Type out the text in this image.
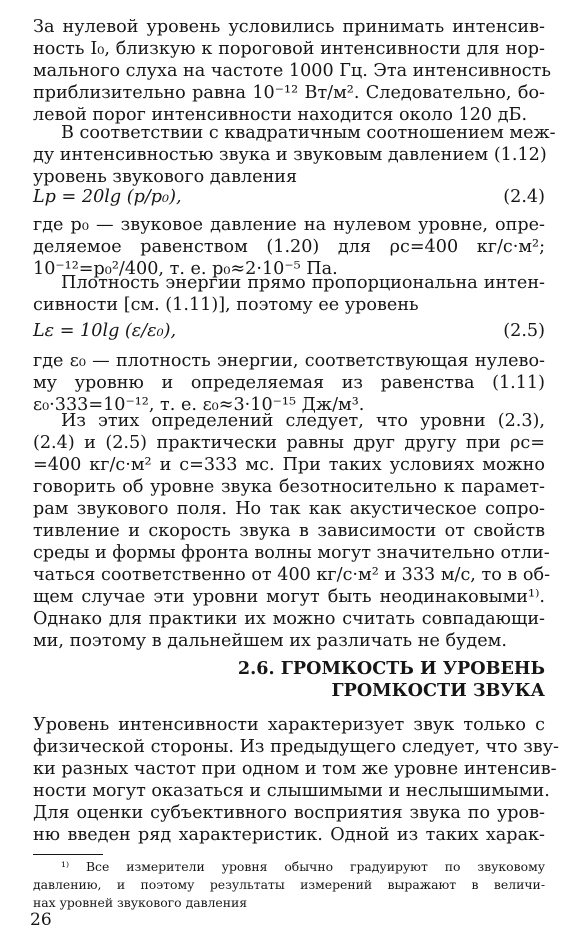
За нулевой уровень условились принимать интенсив-
ность I₀, близкую к пороговой интенсивности для нор-
мального слуха на частоте 1000 Гц. Эта интенсивность
приблизительно равна 10⁻¹² Вт/м². Следовательно, бо-
левой порог интенсивности находится около 120 дБ.
В соответствии с квадратичным соотношением меж-
ду интенсивностью звука и звуковым давлением (1.12)
уровень звукового давления
Lp = 20lg (p/p₀),	(2.4)
где p₀ — звуковое давление на нулевом уровне, опре-
деляемое равенством (1.20) для ρc=400 кг/с·м²;
10⁻¹²=p₀²/400, т. е. p₀≈2·10⁻⁵ Па.
Плотность энергии прямо пропорциональна интен-
сивности [см. (1.11)], поэтому ее уровень
Lε = 10lg (ε/ε₀),	(2.5)
где ε₀ — плотность энергии, соответствующая нулево-
му уровню и определяемая из равенства (1.11)
ε₀·333=10⁻¹², т. е. ε₀≈3·10⁻¹⁵ Дж/м³.
Из этих определений следует, что уровни (2.3),
(2.4) и (2.5) практически равны друг другу при ρc=
=400 кг/с·м² и c=333 мс. При таких условиях можно
говорить об уровне звука безотносительно к парамет-
рам звукового поля. Но так как акустическое сопро-
тивление и скорость звука в зависимости от свойств
среды и формы фронта волны могут значительно отли-
чаться соответственно от 400 кг/с·м² и 333 м/с, то в об-
щем случае эти уровни могут быть неодинаковыми¹⁾.
Однако для практики их можно считать совпадающи-
ми, поэтому в дальнейшем их различать не будем.
2.6. ГРОМКОСТЬ И УРОВЕНЬ
ГРОМКОСТИ ЗВУКА
Уровень интенсивности характеризует звук только с
физической стороны. Из предыдущего следует, что зву-
ки разных частот при одном и том же уровне интенсив-
ности могут оказаться и слышимыми и неслышимыми.
Для оценки субъективного восприятия звука по уров-
ню введен ряд характеристик. Одной из таких харак-
¹⁾ Все измерители уровня обычно градуируют по звуковому
давлению, и поэтому результаты измерений выражают в величи-
нах уровней звукового давления
26
